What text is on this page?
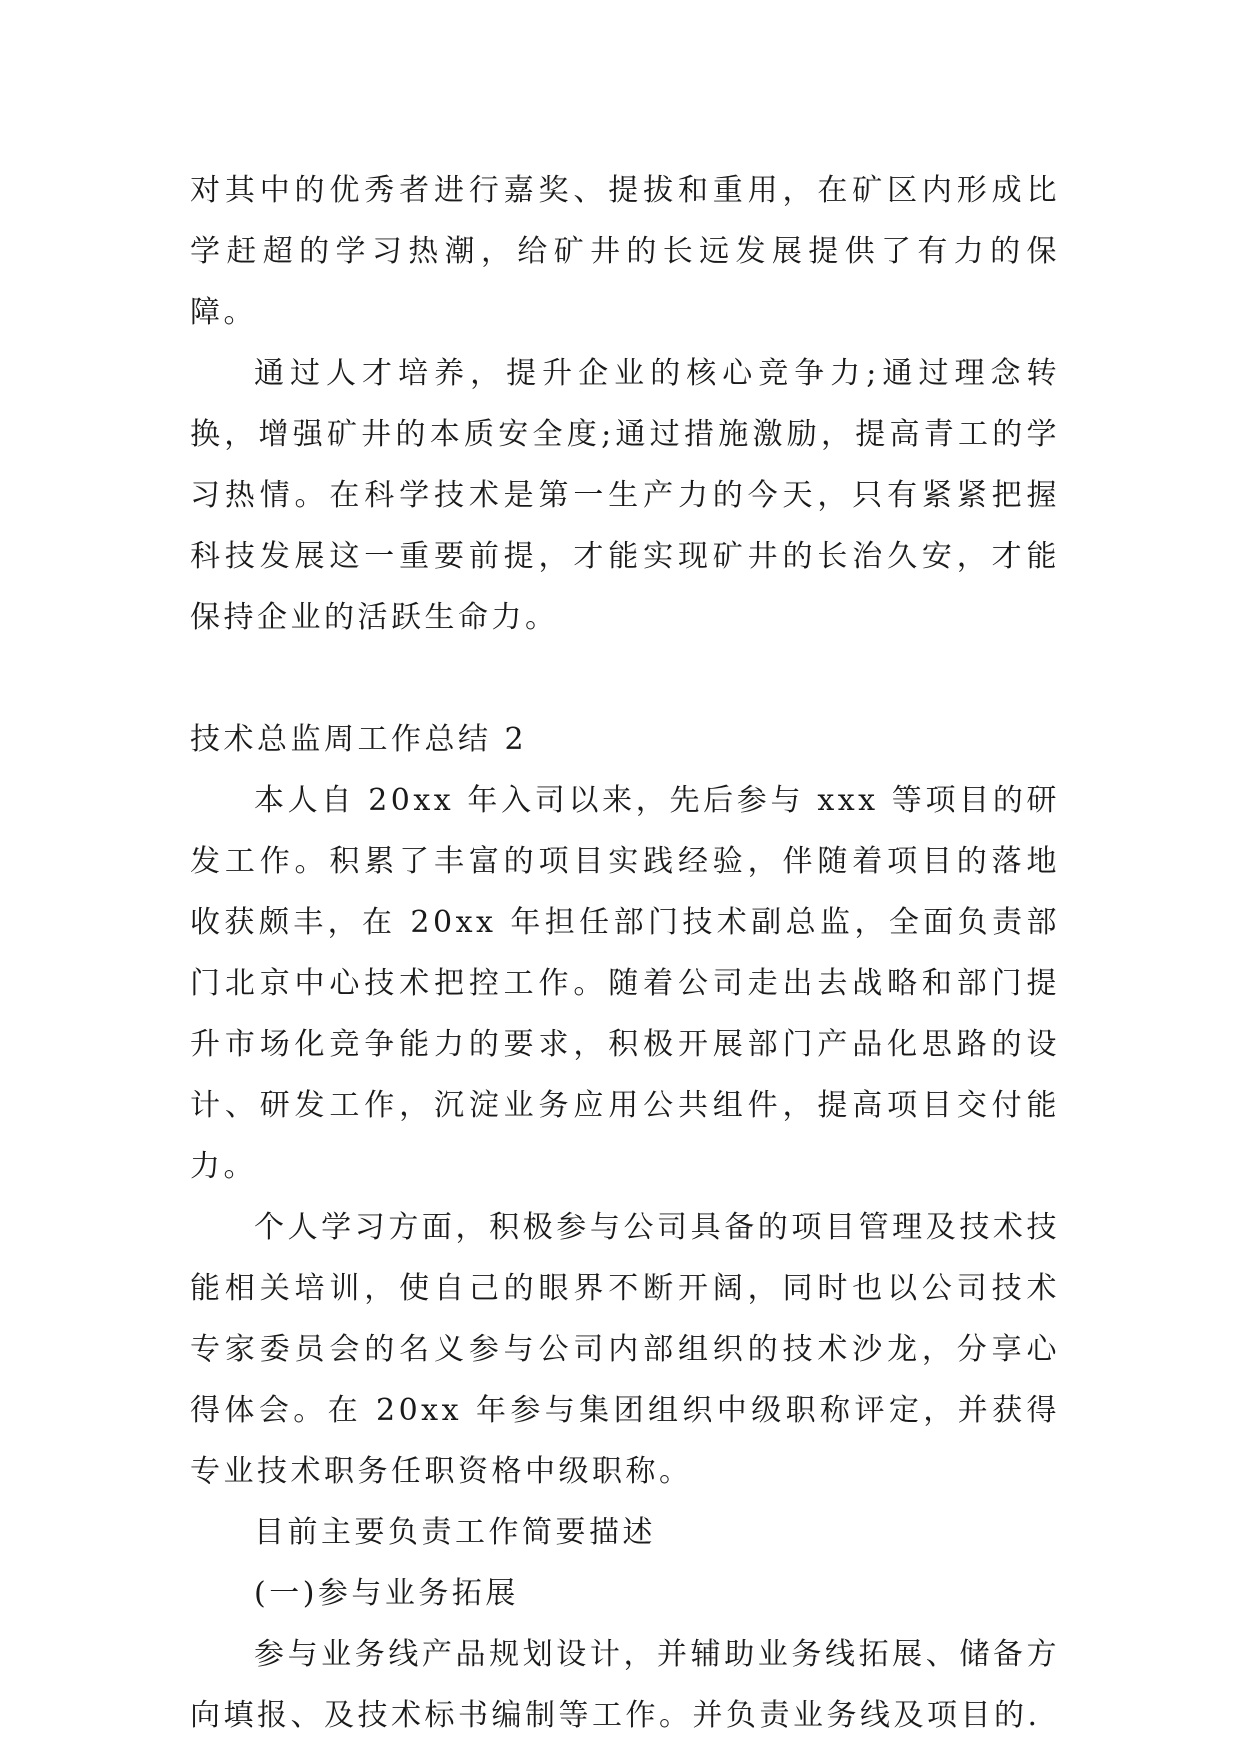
对其中的优秀者进行嘉奖、提拔和重用，在矿区内形成比学赶超的学习热潮，给矿井的长远发展提供了有力的保障。

通过人才培养，提升企业的核心竞争力;通过理念转换，增强矿井的本质安全度;通过措施激励，提高青工的学习热情。在科学技术是第一生产力的今天，只有紧紧把握科技发展这一重要前提，才能实现矿井的长治久安，才能保持企业的活跃生命力。

技术总监周工作总结 2

本人自 20xx 年入司以来，先后参与 xxx 等项目的研发工作。积累了丰富的项目实践经验，伴随着项目的落地收获颇丰，在 20xx 年担任部门技术副总监，全面负责部门北京中心技术把控工作。随着公司走出去战略和部门提升市场化竞争能力的要求，积极开展部门产品化思路的设计、研发工作，沉淀业务应用公共组件，提高项目交付能力。

个人学习方面，积极参与公司具备的项目管理及技术技能相关培训，使自己的眼界不断开阔，同时也以公司技术专家委员会的名义参与公司内部组织的技术沙龙，分享心得体会。在 20xx 年参与集团组织中级职称评定，并获得专业技术职务任职资格中级职称。

目前主要负责工作简要描述

(一)参与业务拓展

参与业务线产品规划设计，并辅助业务线拓展、储备方向填报、及技术标书编制等工作。并负责业务线及项目的.
